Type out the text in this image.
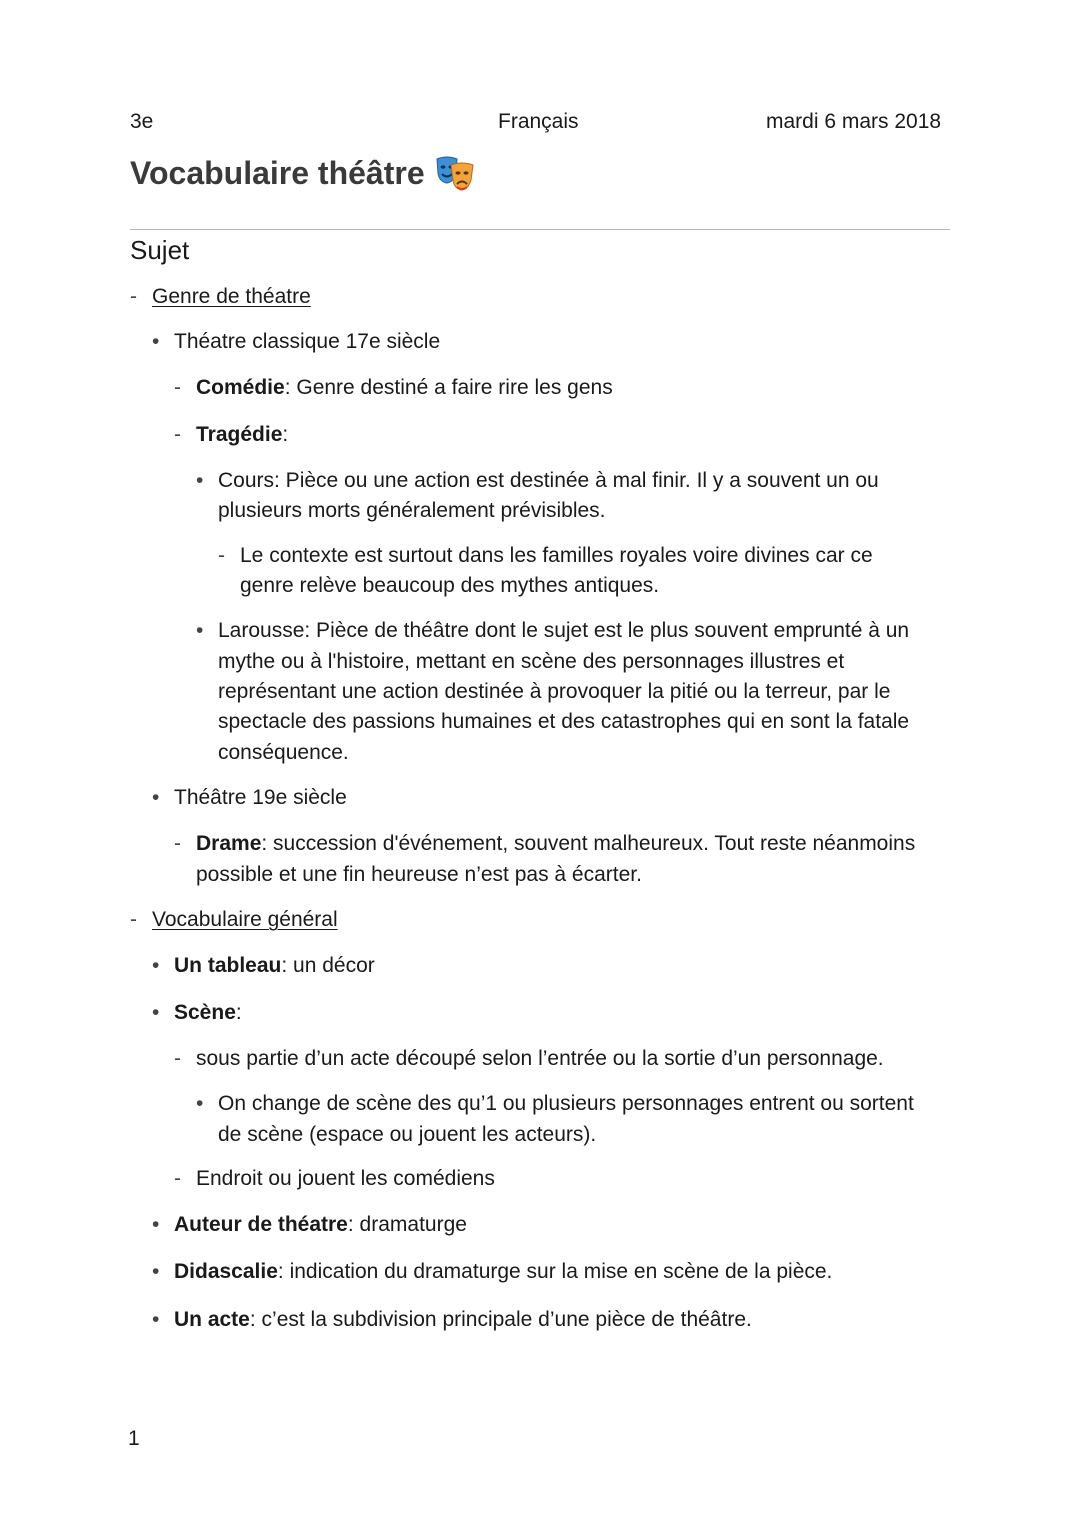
3e	Français	mardi 6 mars 2018
Vocabulaire théâtre
Sujet
- Genre de théatre
• Théatre classique 17e siècle
- Comédie: Genre destiné a faire rire les gens
- Tragédie:
• Cours: Pièce ou une action est destinée à mal finir. Il y a souvent un ou
plusieurs morts généralement prévisibles.
- Le contexte est surtout dans les familles royales voire divines car ce
genre relève beaucoup des mythes antiques.
• Larousse: Pièce de théâtre dont le sujet est le plus souvent emprunté à un
mythe ou à l'histoire, mettant en scène des personnages illustres et
représentant une action destinée à provoquer la pitié ou la terreur, par le
spectacle des passions humaines et des catastrophes qui en sont la fatale
conséquence.
• Théâtre 19e siècle
- Drame: succession d'événement, souvent malheureux. Tout reste néanmoins
possible et une fin heureuse n’est pas à écarter.
- Vocabulaire général
• Un tableau: un décor
• Scène:
- sous partie d’un acte découpé selon l’entrée ou la sortie d’un personnage.
• On change de scène des qu’1 ou plusieurs personnages entrent ou sortent
de scène (espace ou jouent les acteurs).
- Endroit ou jouent les comédiens
• Auteur de théatre: dramaturge
• Didascalie: indication du dramaturge sur la mise en scène de la pièce.
• Un acte: c’est la subdivision principale d’une pièce de théâtre.
1
